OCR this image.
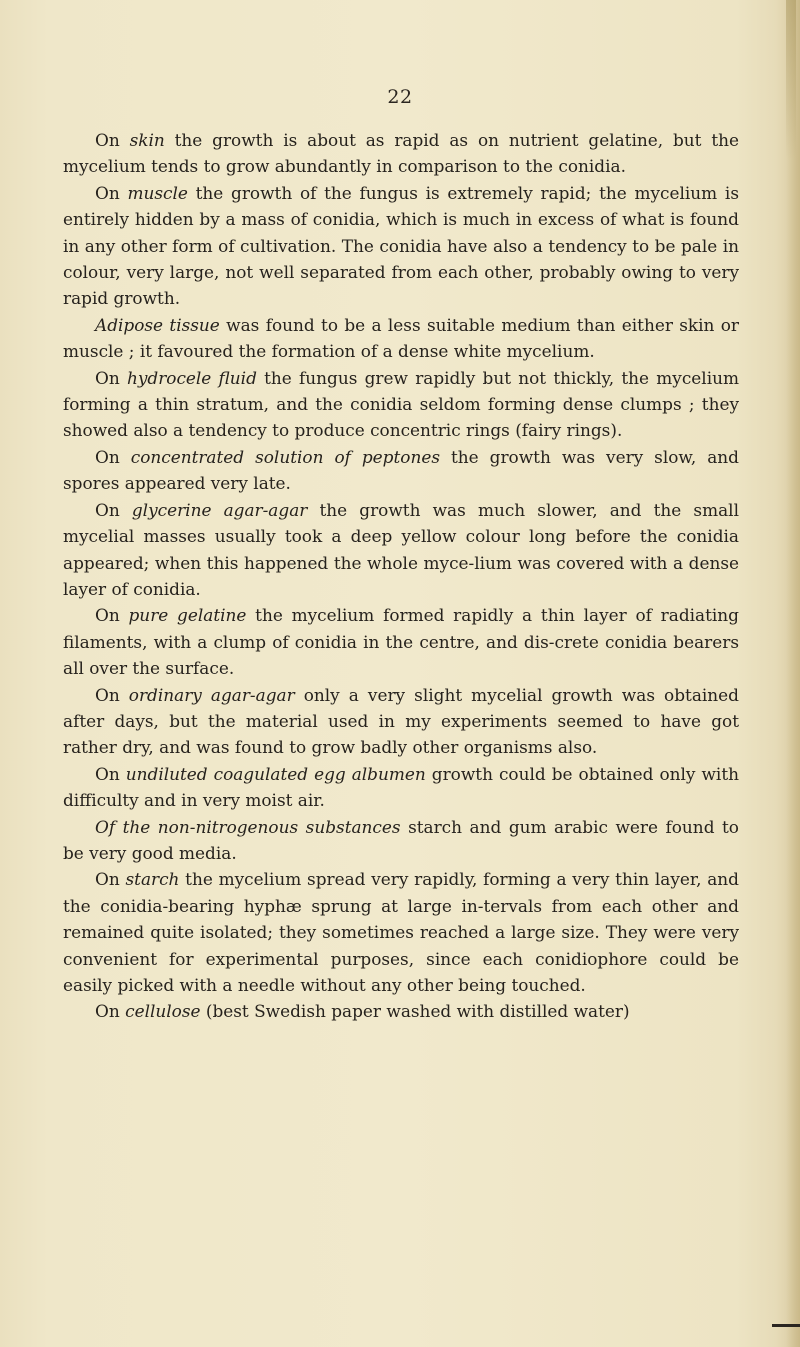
22

On skin the growth is about as rapid as on nutrient gelatine, but the mycelium tends to grow abundantly in comparison to the conidia.

On muscle the growth of the fungus is extremely rapid; the mycelium is entirely hidden by a mass of conidia, which is much in excess of what is found in any other form of cultivation. The conidia have also a tendency to be pale in colour, very large, not well separated from each other, probably owing to very rapid growth.

Adipose tissue was found to be a less suitable medium than either skin or muscle ; it favoured the formation of a dense white mycelium.

On hydrocele fluid the fungus grew rapidly but not thickly, the mycelium forming a thin stratum, and the conidia seldom forming dense clumps ; they showed also a tendency to produce concentric rings (fairy rings).

On concentrated solution of peptones the growth was very slow, and spores appeared very late.

On glycerine agar-agar the growth was much slower, and the small mycelial masses usually took a deep yellow colour long before the conidia appeared; when this happened the whole myce-lium was covered with a dense layer of conidia.

On pure gelatine the mycelium formed rapidly a thin layer of radiating filaments, with a clump of conidia in the centre, and dis-crete conidia bearers all over the surface.

On ordinary agar-agar only a very slight mycelial growth was obtained after days, but the material used in my experiments seemed to have got rather dry, and was found to grow badly other organisms also.

On undiluted coagulated egg albumen growth could be obtained only with difficulty and in very moist air.

Of the non-nitrogenous substances starch and gum arabic were found to be very good media.

On starch the mycelium spread very rapidly, forming a very thin layer, and the conidia-bearing hyphæ sprung at large in-tervals from each other and remained quite isolated; they sometimes reached a large size. They were very convenient for experimental purposes, since each conidiophore could be easily picked with a needle without any other being touched.

On cellulose (best Swedish paper washed with distilled water)
